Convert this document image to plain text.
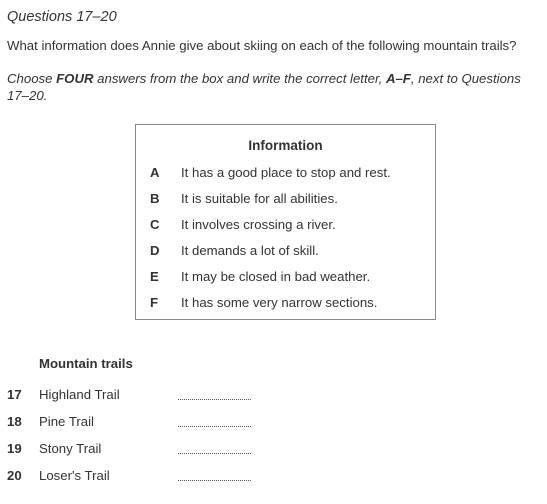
Questions 17–20
What information does Annie give about skiing on each of the following mountain trails?
Choose FOUR answers from the box and write the correct letter, A–F, next to Questions 17–20.
Information
A It has a good place to stop and rest.
B It is suitable for all abilities.
C It involves crossing a river.
D It demands a lot of skill.
E It may be closed in bad weather.
F It has some very narrow sections.
Mountain trails
17 Highland Trail
18 Pine Trail
19 Stony Trail
20 Loser's Trail
